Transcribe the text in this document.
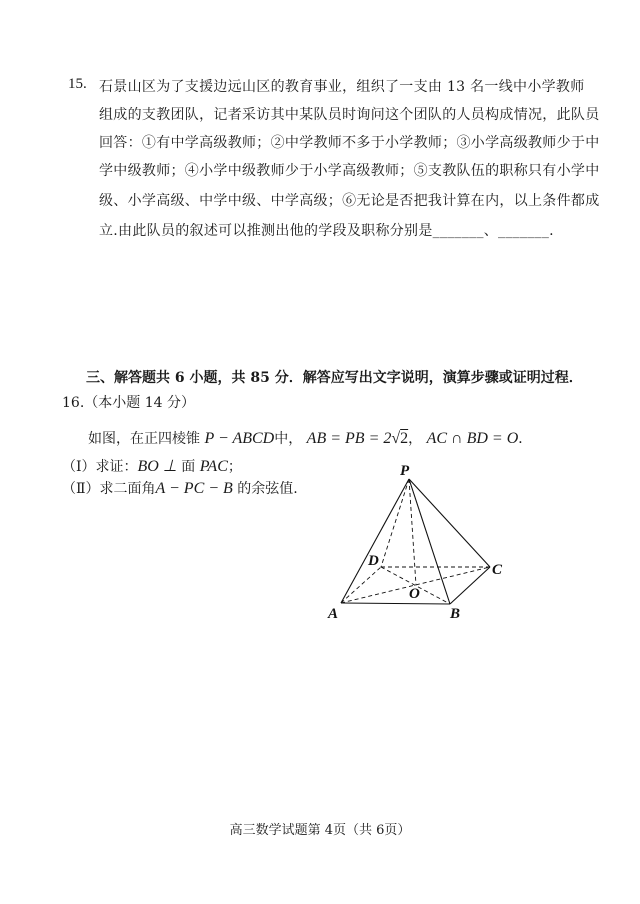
15. 石景山区为了支援边远山区的教育事业，组织了一支由 13 名一线中小学教师
组成的支教团队，记者采访其中某队员时询问这个团队的人员构成情况，此队员
回答：①有中学高级教师；②中学教师不多于小学教师；③小学高级教师少于中
学中级教师；④小学中级教师少于小学高级教师；⑤支教队伍的职称只有小学中
级、小学高级、中学中级、中学高级；⑥无论是否把我计算在内，以上条件都成
立.由此队员的叙述可以推测出他的学段及职称分别是_______、_______.
三、解答题共 6 小题，共 85 分．解答应写出文字说明，演算步骤或证明过程．
16.（本小题 14 分）
如图，在正四棱锥 P − ABCD中， AB = PB = 2√2， AC ∩ BD = O．
（Ⅰ）求证：BO ⊥ 面 PAC；
（Ⅱ）求二面角A − PC − B 的余弦值.
P
D
C
O
A	B
高三数学试题第 4页（共 6页）
